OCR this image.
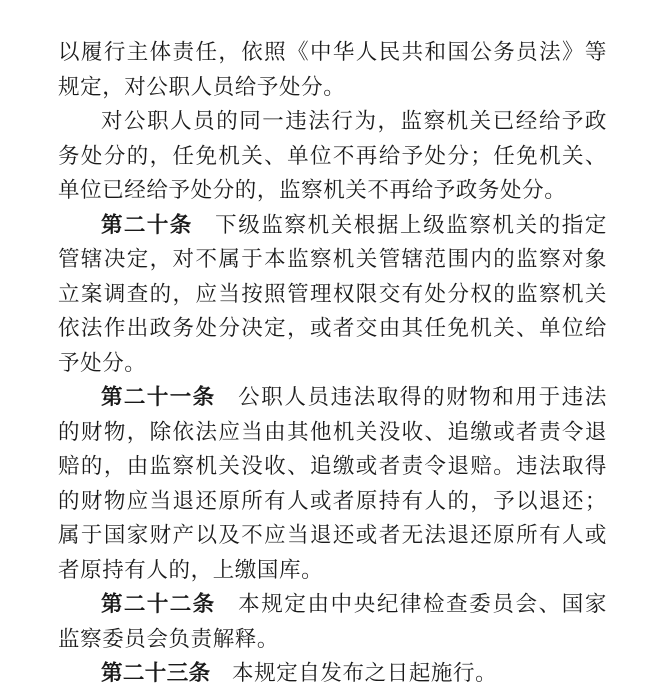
以履行主体责任，依照《中华人民共和国公务员法》等规定，对公职人员给予处分。

对公职人员的同一违法行为，监察机关已经给予政务处分的，任免机关、单位不再给予处分；任免机关、单位已经给予处分的，监察机关不再给予政务处分。

第二十条 下级监察机关根据上级监察机关的指定管辖决定，对不属于本监察机关管辖范围内的监察对象立案调查的，应当按照管理权限交有处分权的监察机关依法作出政务处分决定，或者交由其任免机关、单位给予处分。

第二十一条 公职人员违法取得的财物和用于违法的财物，除依法应当由其他机关没收、追缴或者责令退赔的，由监察机关没收、追缴或者责令退赔。违法取得的财物应当退还原所有人或者原持有人的，予以退还；属于国家财产以及不应当退还或者无法退还原所有人或者原持有人的，上缴国库。

第二十二条 本规定由中央纪律检查委员会、国家监察委员会负责解释。

第二十三条 本规定自发布之日起施行。
